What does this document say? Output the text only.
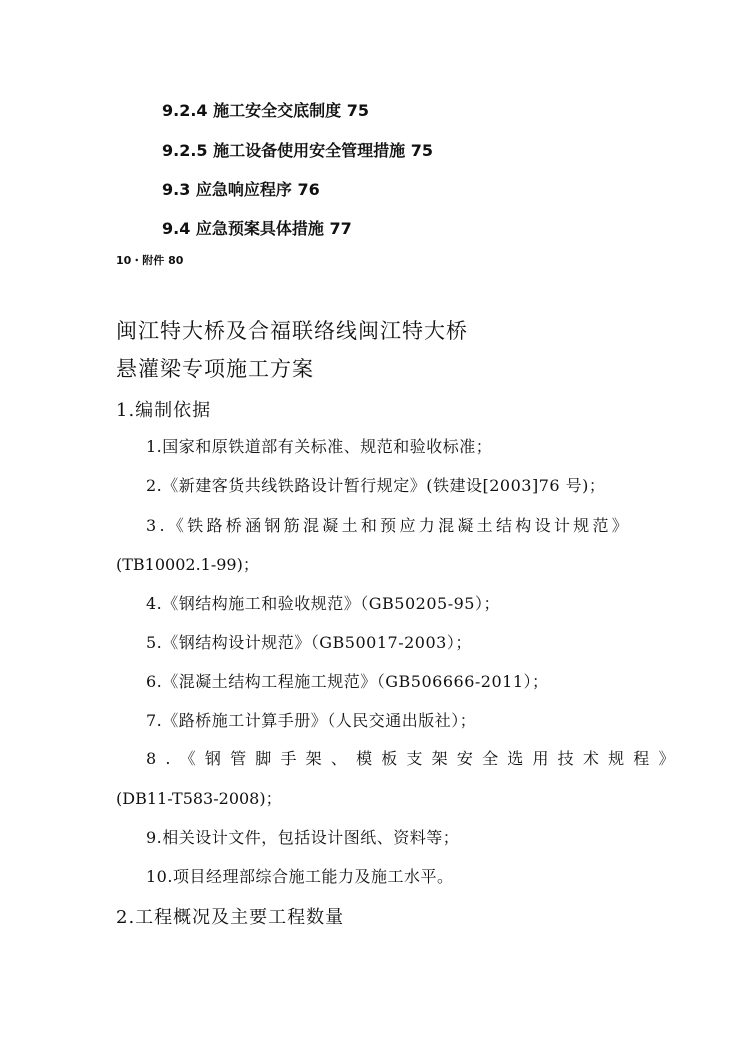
9.2.4 施工安全交底制度 75

9.2.5 施工设备使用安全管理措施 75

9.3 应急响应程序 76

9.4 应急预案具体措施 77

10・附件 80

闽江特大桥及合福联络线闽江特大桥
悬灌梁专项施工方案
1.编制依据

1.国家和原铁道部有关标准、规范和验收标准；

2.《新建客货共线铁路设计暂行规定》(铁建设[2003]76 号)；

3.《铁路桥涵钢筋混凝土和预应力混凝土结构设计规范》

(TB10002.1-99)；

4.《钢结构施工和验收规范》（GB50205-95）；

5.《钢结构设计规范》（GB50017-2003）；

6.《混凝土结构工程施工规范》（GB506666-2011）；

7.《路桥施工计算手册》（人民交通出版社）；

8.《钢管脚手架、模板支架安全选用技术规程》

(DB11-T583-2008)；

9.相关设计文件，包括设计图纸、资料等；

10.项目经理部综合施工能力及施工水平。

2.工程概况及主要工程数量
